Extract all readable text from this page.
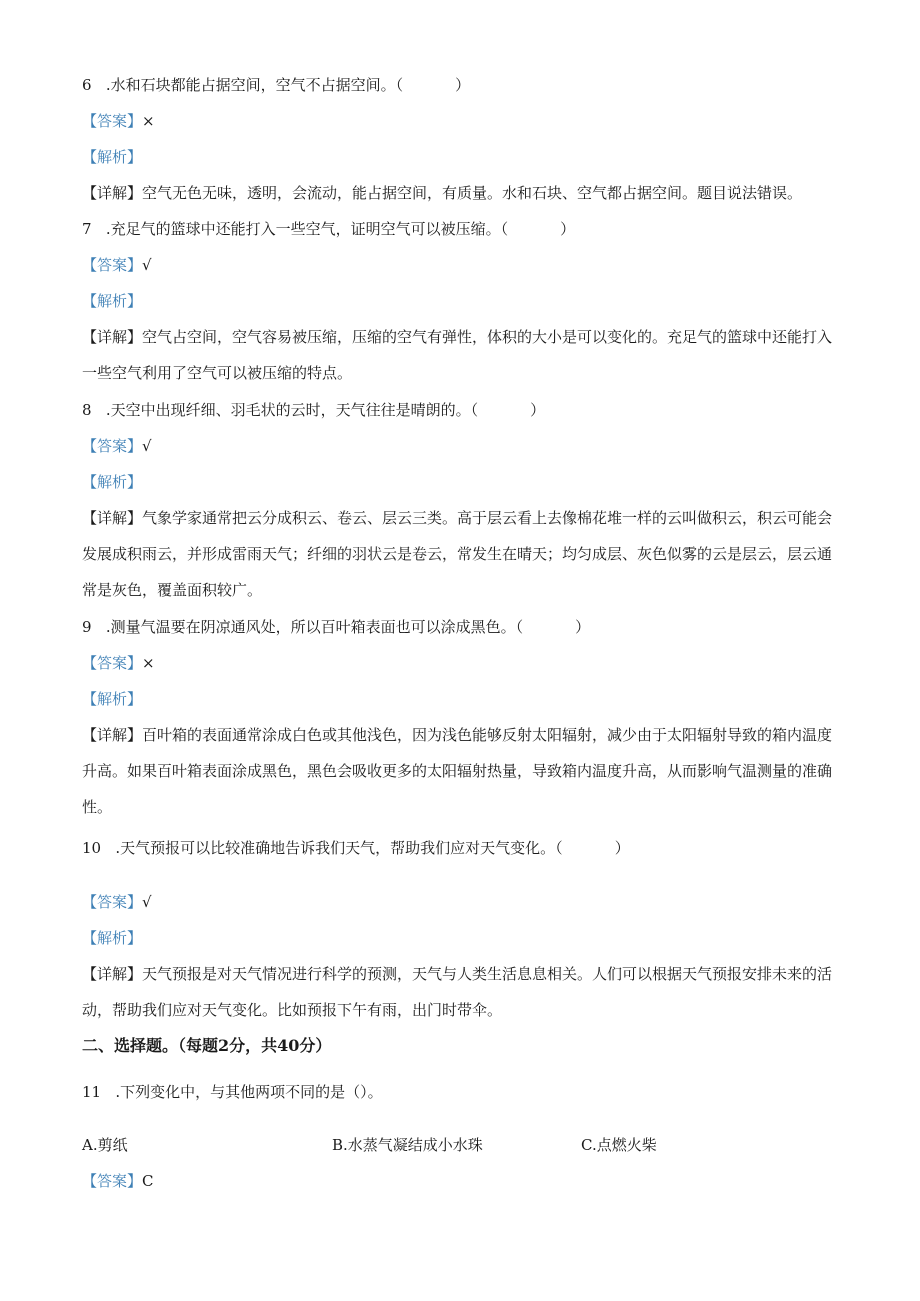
6 .水和石块都能占据空间，空气不占据空间。（	）
【答案】×
【解析】
【详解】空气无色无味，透明，会流动，能占据空间，有质量。水和石块、空气都占据空间。题目说法错误。
7 .充足气的篮球中还能打入一些空气，证明空气可以被压缩。（	）
【答案】√
【解析】
【详解】空气占空间，空气容易被压缩，压缩的空气有弹性，体积的大小是可以变化的。充足气的篮球中还能打入一些空气利用了空气可以被压缩的特点。
8 .天空中出现纤细、羽毛状的云时，天气往往是晴朗的。（	）
【答案】√
【解析】
【详解】气象学家通常把云分成积云、卷云、层云三类。高于层云看上去像棉花堆一样的云叫做积云，积云可能会发展成积雨云，并形成雷雨天气；纤细的羽状云是卷云，常发生在晴天；均匀成层、灰色似雾的云是层云，层云通常是灰色，覆盖面积较广。
9 .测量气温要在阴凉通风处，所以百叶箱表面也可以涂成黑色。（	）
【答案】×
【解析】
【详解】百叶箱的表面通常涂成白色或其他浅色，因为浅色能够反射太阳辐射，减少由于太阳辐射导致的箱内温度升高。如果百叶箱表面涂成黑色，黑色会吸收更多的太阳辐射热量，导致箱内温度升高，从而影响气温测量的准确性。
10 .天气预报可以比较准确地告诉我们天气，帮助我们应对天气变化。（	）
【答案】√
【解析】
【详解】天气预报是对天气情况进行科学的预测，天气与人类生活息息相关。人们可以根据天气预报安排未来的活动，帮助我们应对天气变化。比如预报下午有雨，出门时带伞。
二、选择题。（每题2分，共40分）
11 .下列变化中，与其他两项不同的是（）。
A.剪纸	B.水蒸气凝结成小水珠	C.点燃火柴
【答案】C
